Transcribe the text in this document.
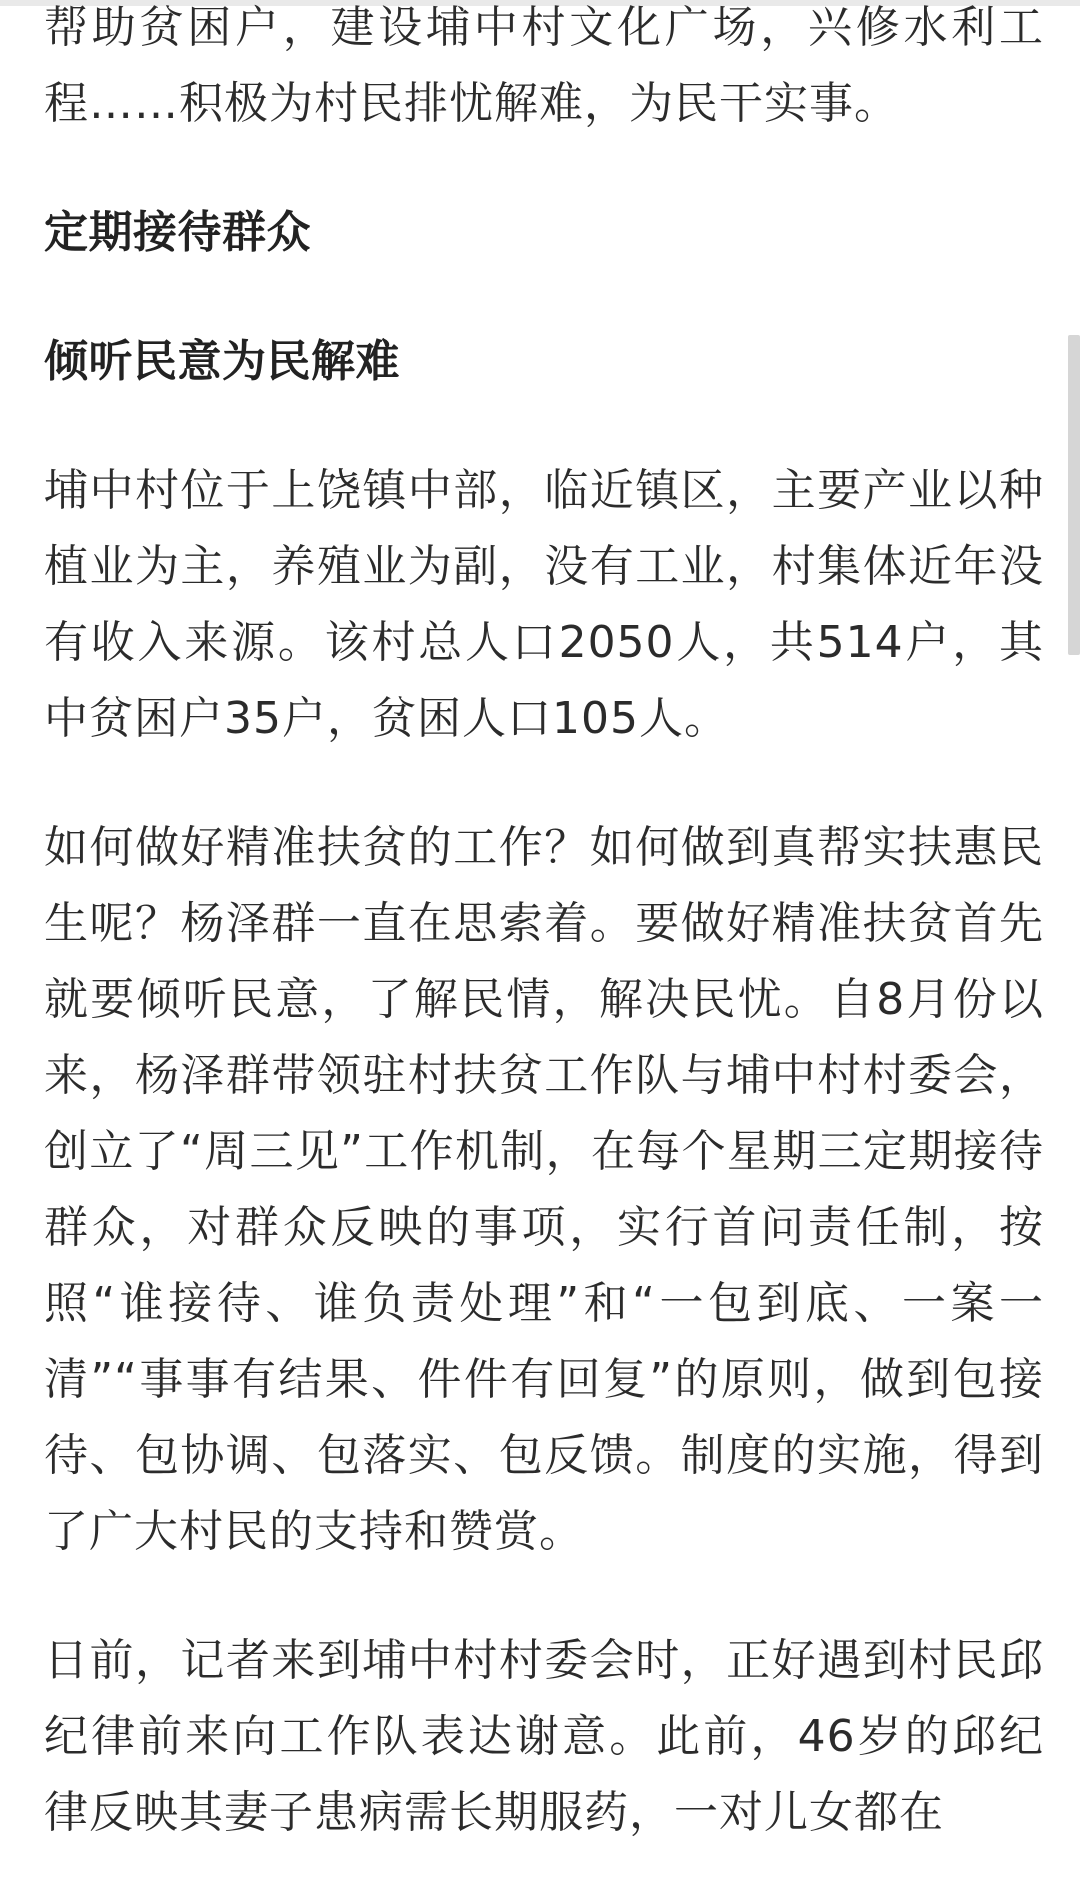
帮助贫困户，建设埔中村文化广场，兴修水利工程……积极为村民排忧解难，为民干实事。

定期接待群众

倾听民意为民解难

埔中村位于上饶镇中部，临近镇区，主要产业以种植业为主，养殖业为副，没有工业，村集体近年没有收入来源。该村总人口2050人，共514户，其中贫困户35户，贫困人口105人。

如何做好精准扶贫的工作？如何做到真帮实扶惠民生呢？杨泽群一直在思索着。要做好精准扶贫首先就要倾听民意，了解民情，解决民忧。自8月份以来，杨泽群带领驻村扶贫工作队与埔中村村委会，创立了“周三见”工作机制，在每个星期三定期接待群众，对群众反映的事项，实行首问责任制，按照“谁接待、谁负责处理”和“一包到底、一案一清”“事事有结果、件件有回复”的原则，做到包接待、包协调、包落实、包反馈。制度的实施，得到了广大村民的支持和赞赏。

日前，记者来到埔中村村委会时，正好遇到村民邱纪律前来向工作队表达谢意。此前，46岁的邱纪律反映其妻子患病需长期服药，一对儿女都在
